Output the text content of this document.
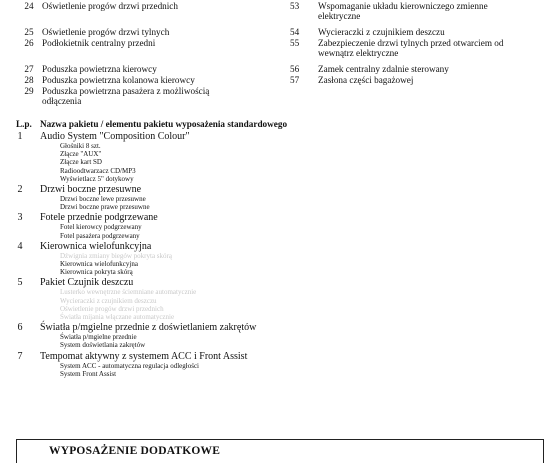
24 Oświetlenie progów drzwi przednich
25 Oświetlenie progów drzwi tylnych
26 Podłokietnik centralny przedni
27 Poduszka powietrzna kierowcy
28 Poduszka powietrzna kolanowa kierowcy
29 Poduszka powietrzna pasażera z możliwością
odłączenia
53	Wspomaganie układu kierowniczego zmienne
elektryczne
54	Wycieraczki z czujnikiem deszczu
55	Zabezpieczenie drzwi tylnych przed otwarciem od
wewnątrz elektryczne
56	Zamek centralny zdalnie sterowany
57	Zasłona części bagażowej
L.p. Nazwa pakietu / elementu pakietu wyposażenia standardowego
1	Audio System "Composition Colour"
Głośniki 8 szt.
Złącze "AUX"
Złącze kart SD
Radioodtwarzacz CD/MP3
Wyświetlacz 5" dotykowy
2	Drzwi boczne przesuwne
Drzwi boczne lewe przesuwne
Drzwi boczne prawe przesuwne
3	Fotele przednie podgrzewane
Fotel kierowcy podgrzewany
Fotel pasażera podgrzewany
4	Kierownica wielofunkcyjna
Dźwignia zmiany biegów pokryta skórą
Kierownica wielofunkcyjna
Kierownica pokryta skórą
5	Pakiet Czujnik deszczu
Lusterko wewnętrzne ściemniane automatycznie
Wycieraczki z czujnikiem deszczu
Oświetlenie progów drzwi przednich
Światła mijania włączane automatycznie
6	Światła p/mgielne przednie z doświetlaniem zakrętów
Światła p/mgielne przednie
System doświetlania zakrętów
7	Tempomat aktywny z systemem ACC i Front Assist
System ACC - automatyczna regulacja odległości
System Front Assist
WYPOSAŻENIE DODATKOWE
